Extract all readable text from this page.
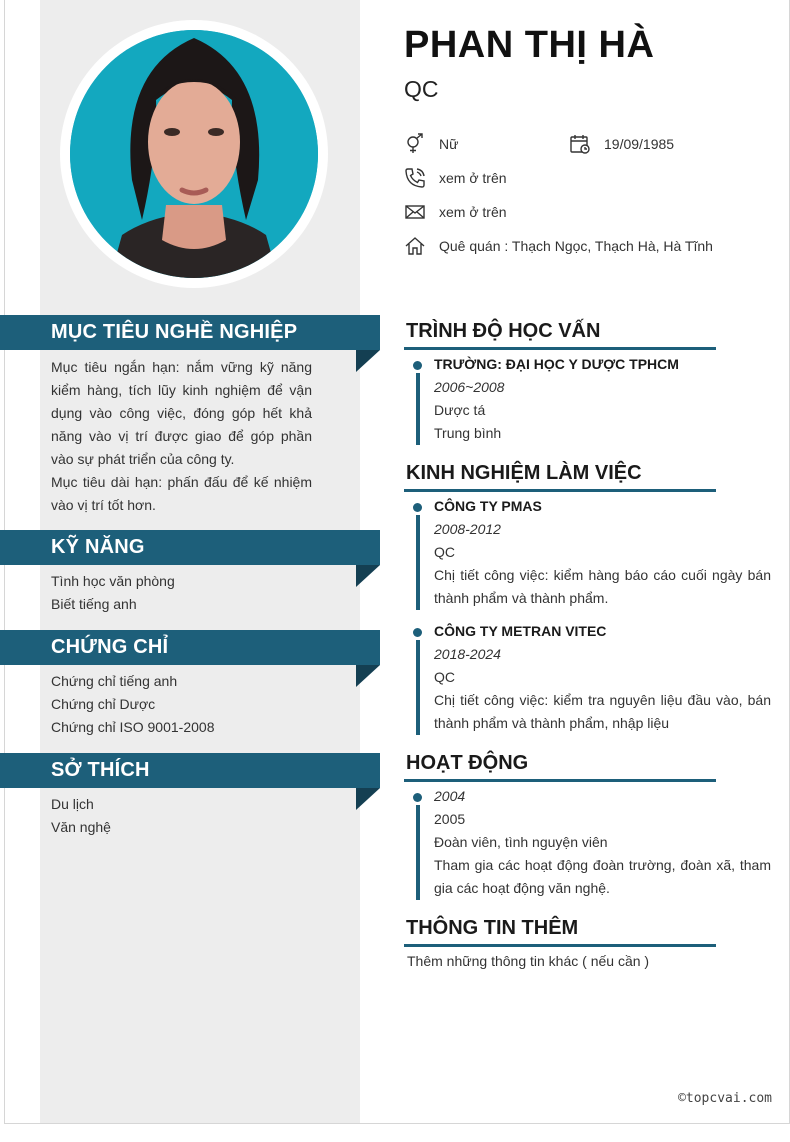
PHAN THỊ HÀ
QC
Nữ	19/09/1985
xem ở trên
xem ở trên
Quê quán : Thạch Ngọc, Thạch Hà, Hà Tĩnh
MỤC TIÊU NGHỀ NGHIỆP

Mục tiêu ngắn hạn: nắm vững kỹ năng kiểm hàng, tích lũy kinh nghiệm để vận dụng vào công việc, đóng góp hết khả năng vào vị trí được giao để góp phần vào sự phát triển của công ty.

Mục tiêu dài hạn: phấn đấu để kế nhiệm vào vị trí tốt hơn.

KỸ NĂNG
Tình học văn phòng
Biết tiếng anh
CHỨNG CHỈ
Chứng chỉ tiếng anh
Chứng chỉ Dược
Chứng chỉ ISO 9001-2008
SỞ THÍCH
Du lịch
Văn nghệ
TRÌNH ĐỘ HỌC VẤN
TRƯỜNG: ĐẠI HỌC Y DƯỢC TPHCM
2006~2008
Dược tá
Trung bình
KINH NGHIỆM LÀM VIỆC
CÔNG TY PMAS
2008-2012
QC
Chị tiết công việc: kiểm hàng báo cáo cuối ngày bán thành phẩm và thành phẩm.
CÔNG TY METRAN VITEC
2018-2024
QC
Chị tiết công việc: kiểm tra nguyên liệu đầu vào, bán thành phẩm và thành phẩm, nhập liệu
HOẠT ĐỘNG
2004
2005
Đoàn viên, tình nguyện viên
Tham gia các hoạt động đoàn trường, đoàn xã, tham gia các hoạt động văn nghệ.
THÔNG TIN THÊM
Thêm những thông tin khác ( nếu cần )
©topcvai.com
